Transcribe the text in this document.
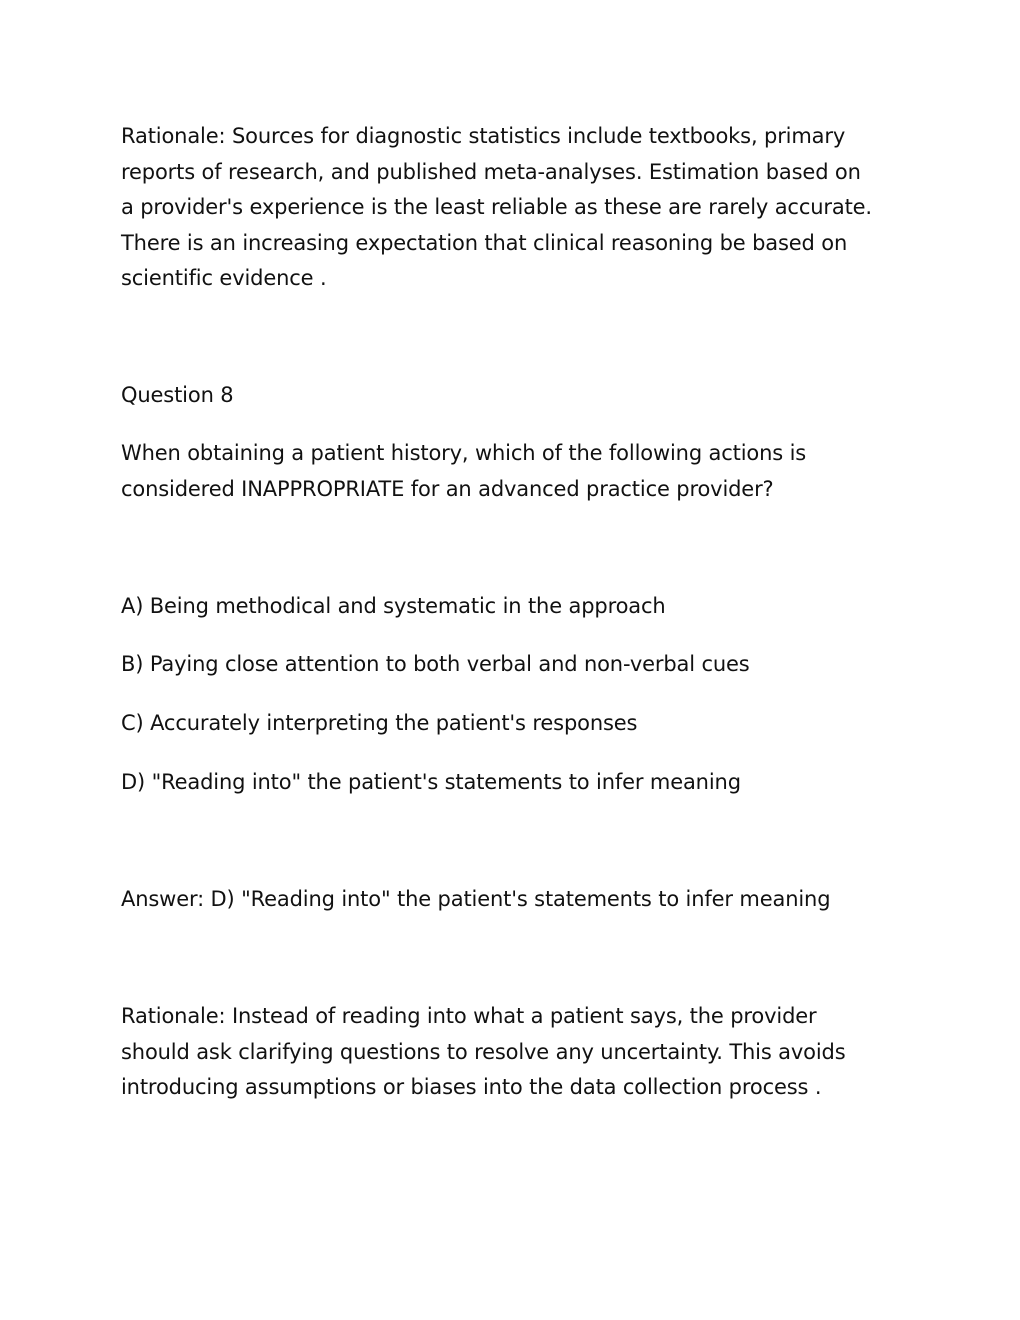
Rationale: Sources for diagnostic statistics include textbooks, primary
reports of research, and published meta-analyses. Estimation based on
a provider's experience is the least reliable as these are rarely accurate.
There is an increasing expectation that clinical reasoning be based on
scientific evidence .
Question 8
When obtaining a patient history, which of the following actions is
considered INAPPROPRIATE for an advanced practice provider?
A) Being methodical and systematic in the approach
B) Paying close attention to both verbal and non-verbal cues
C) Accurately interpreting the patient's responses
D) "Reading into" the patient's statements to infer meaning
Answer: D) "Reading into" the patient's statements to infer meaning
Rationale: Instead of reading into what a patient says, the provider
should ask clarifying questions to resolve any uncertainty. This avoids
introducing assumptions or biases into the data collection process .
